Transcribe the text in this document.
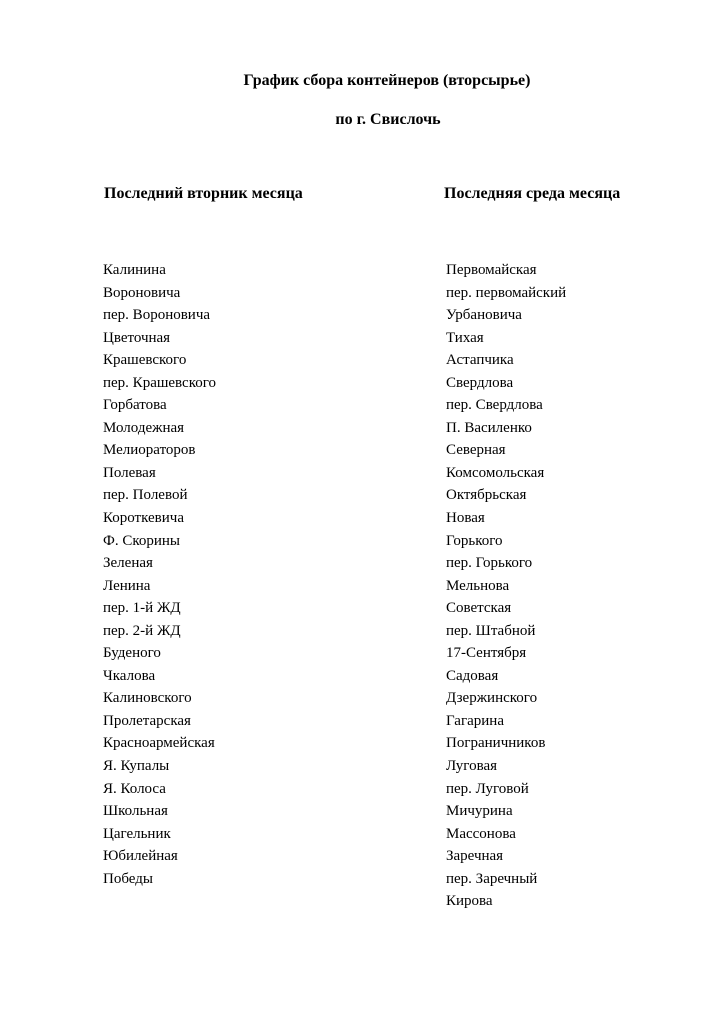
График сбора контейнеров (вторсырье)
по г. Свислочь
Последний вторник месяца	Последняя среда месяца
Калинина
Вороновича
пер. Вороновича
Цветочная
Крашевского
пер. Крашевского
Горбатова
Молодежная
Мелиораторов
Полевая
пер. Полевой
Короткевича
Ф. Скорины
Зеленая
Ленина
пер. 1-й ЖД
пер. 2-й ЖД
Буденого
Чкалова
Калиновского
Пролетарская
Красноармейская
Я. Купалы
Я. Колоса
Школьная
Цагельник
Юбилейная
Победы
Первомайская
пер. первомайский
Урбановича
Тихая
Астапчика
Свердлова
пер. Свердлова
П. Василенко
Северная
Комсомольская
Октябрьская
Новая
Горького
пер. Горького
Мельнова
Советская
пер. Штабной
17-Сентября
Садовая
Дзержинского
Гагарина
Пограничников
Луговая
пер. Луговой
Мичурина
Массонова
Заречная
пер. Заречный
Кирова
